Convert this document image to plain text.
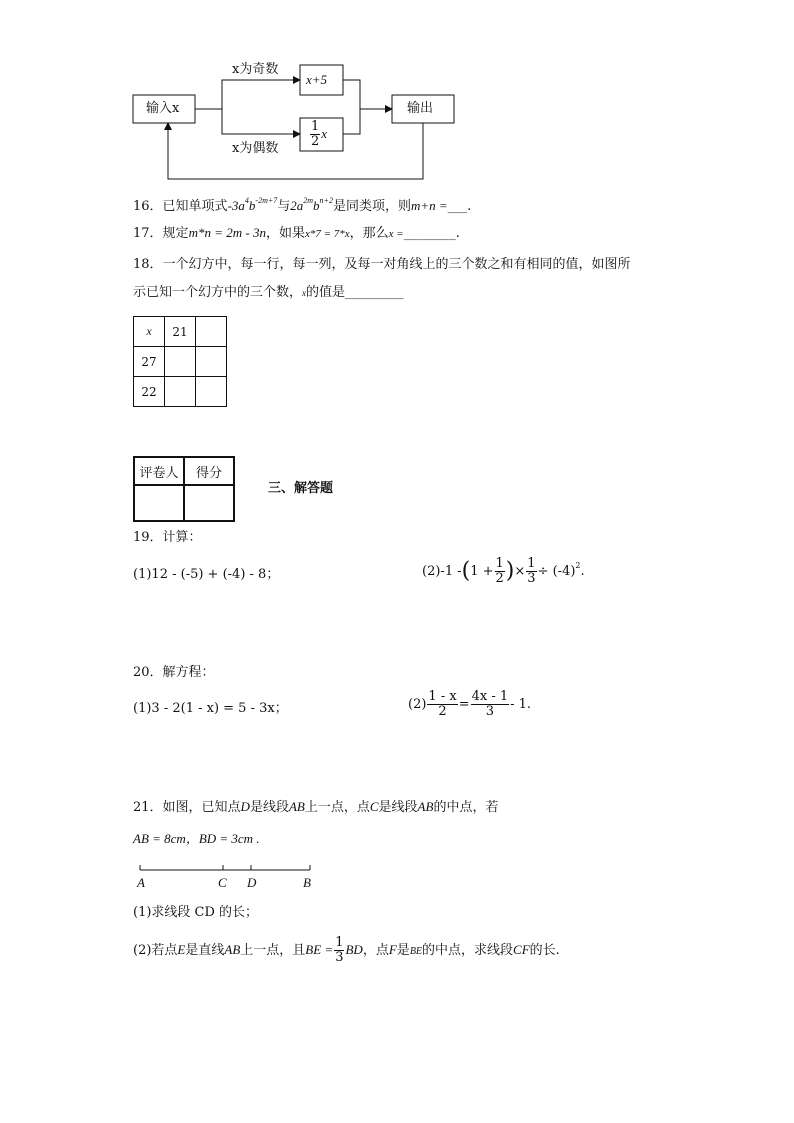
输入x
x为奇数
x为偶数
x+5
$\frac{1}{2}$ x
输出
16．已知单项式$-3a^4b^{-2m+7}$与$2a^{2m}b^{n+2}$是同类项，则m+n =___.
17．规定m*n = 2m - 3n，如果x*7 = 7*x，那么x =________.
18．一个幻方中，每一行，每一列，及每一对角线上的三个数之和有相同的值，如图所
示已知一个幻方中的三个数，x的值是_________
x	21	
27		
22		
评卷人	得分

三、解答题
19．计算：
(1)12 - (-5) + (-4) - 8；	(2)-1 $-(1 + \frac{1}{2}$ )× $\frac{1}{3} \div (-4)^2$.
20．解方程：
(1)3 - 2(1 - x) = 5 - 3x；	$(2) \frac{1 - x}{2} = \frac{4x - 1}{3} - 1$.
21．如图，已知点D是线段AB上一点，点C是线段AB的中点，若
AB = 8cm，BD = 3cm .
A	C D	B
(1)求线段 CD 的长；
(2)若点E是直线AB上一点，且BE = $\frac{1}{3}$ BD，点F是BE的中点，求线段CF的长.
